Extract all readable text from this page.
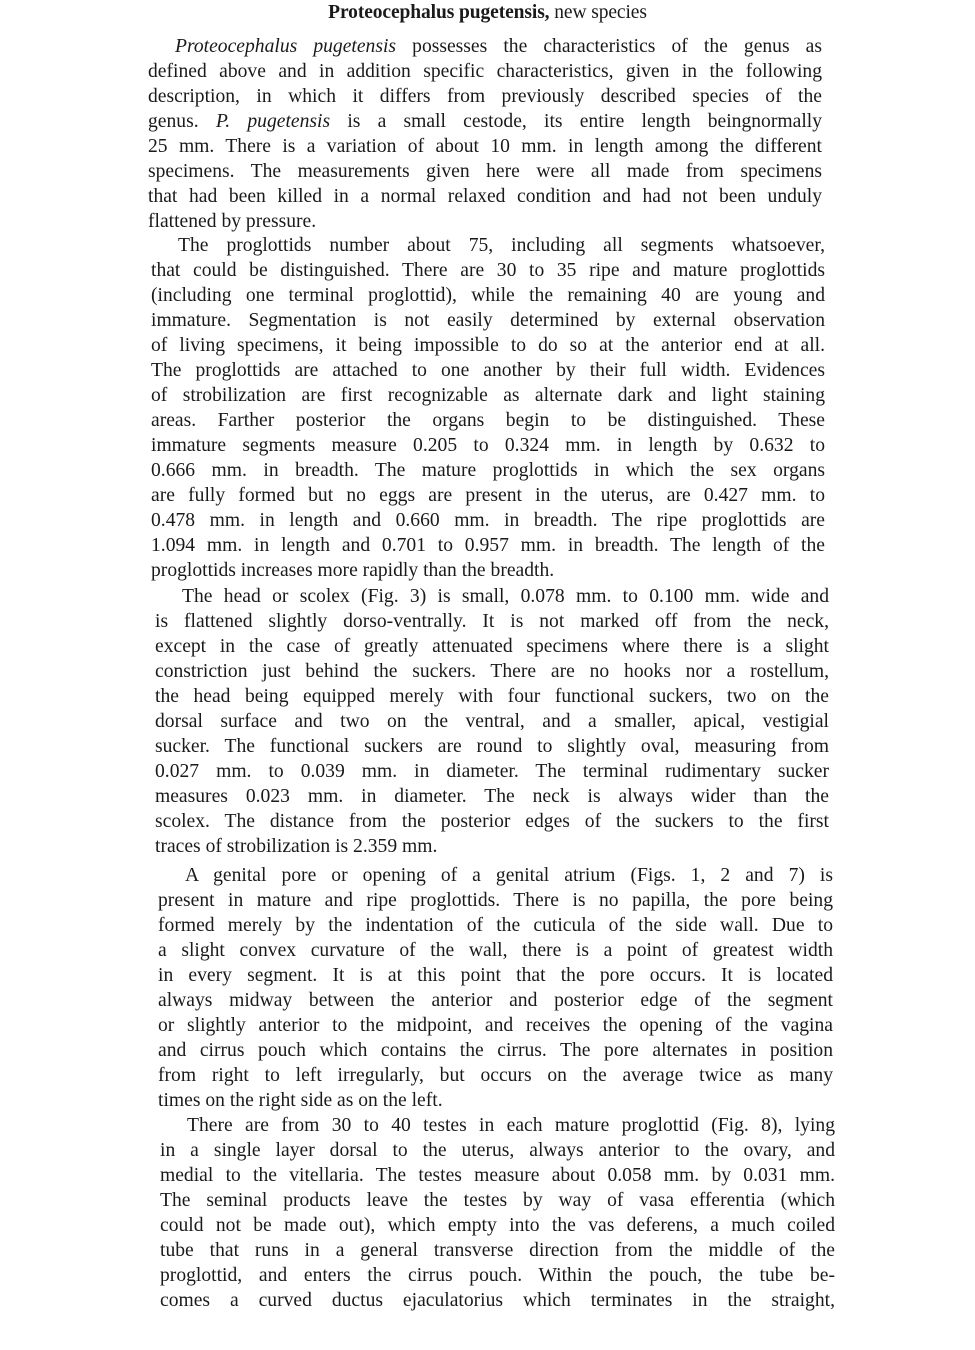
Proteocephalus pugetensis, new species
Proteocephalus pugetensis possesses the characteristics of the genus as
defined above and in addition specific characteristics, given in the following
description, in which it differs from previously described species of the
genus. P. pugetensis is a small cestode, its entire length beingnormally
25 mm. There is a variation of about 10 mm. in length among the different
specimens. The measurements given here were all made from specimens
that had been killed in a normal relaxed condition and had not been unduly
flattened by pressure.
The proglottids number about 75, including all segments whatsoever,
that could be distinguished. There are 30 to 35 ripe and mature proglottids
(including one terminal proglottid), while the remaining 40 are young and
immature. Segmentation is not easily determined by external observation
of living specimens, it being impossible to do so at the anterior end at all.
The proglottids are attached to one another by their full width. Evidences
of strobilization are first recognizable as alternate dark and light staining
areas. Farther posterior the organs begin to be distinguished. These
immature segments measure 0.205 to 0.324 mm. in length by 0.632 to
0.666 mm. in breadth. The mature proglottids in which the sex organs
are fully formed but no eggs are present in the uterus, are 0.427 mm. to
0.478 mm. in length and 0.660 mm. in breadth. The ripe proglottids are
1.094 mm. in length and 0.701 to 0.957 mm. in breadth. The length of the
proglottids increases more rapidly than the breadth.
The head or scolex (Fig. 3) is small, 0.078 mm. to 0.100 mm. wide and
is flattened slightly dorso-ventrally. It is not marked off from the neck,
except in the case of greatly attenuated specimens where there is a slight
constriction just behind the suckers. There are no hooks nor a rostellum,
the head being equipped merely with four functional suckers, two on the
dorsal surface and two on the ventral, and a smaller, apical, vestigial
sucker. The functional suckers are round to slightly oval, measuring from
0.027 mm. to 0.039 mm. in diameter. The terminal rudimentary sucker
measures 0.023 mm. in diameter. The neck is always wider than the
scolex. The distance from the posterior edges of the suckers to the first
traces of strobilization is 2.359 mm.
A genital pore or opening of a genital atrium (Figs. 1, 2 and 7) is
present in mature and ripe proglottids. There is no papilla, the pore being
formed merely by the indentation of the cuticula of the side wall. Due to
a slight convex curvature of the wall, there is a point of greatest width
in every segment. It is at this point that the pore occurs. It is located
always midway between the anterior and posterior edge of the segment
or slightly anterior to the midpoint, and receives the opening of the vagina
and cirrus pouch which contains the cirrus. The pore alternates in position
from right to left irregularly, but occurs on the average twice as many
times on the right side as on the left.
There are from 30 to 40 testes in each mature proglottid (Fig. 8), lying
in a single layer dorsal to the uterus, always anterior to the ovary, and
medial to the vitellaria. The testes measure about 0.058 mm. by 0.031 mm.
The seminal products leave the testes by way of vasa efferentia (which
could not be made out), which empty into the vas deferens, a much coiled
tube that runs in a general transverse direction from the middle of the
proglottid, and enters the cirrus pouch. Within the pouch, the tube be-
comes a curved ductus ejaculatorius which terminates in the straight,
